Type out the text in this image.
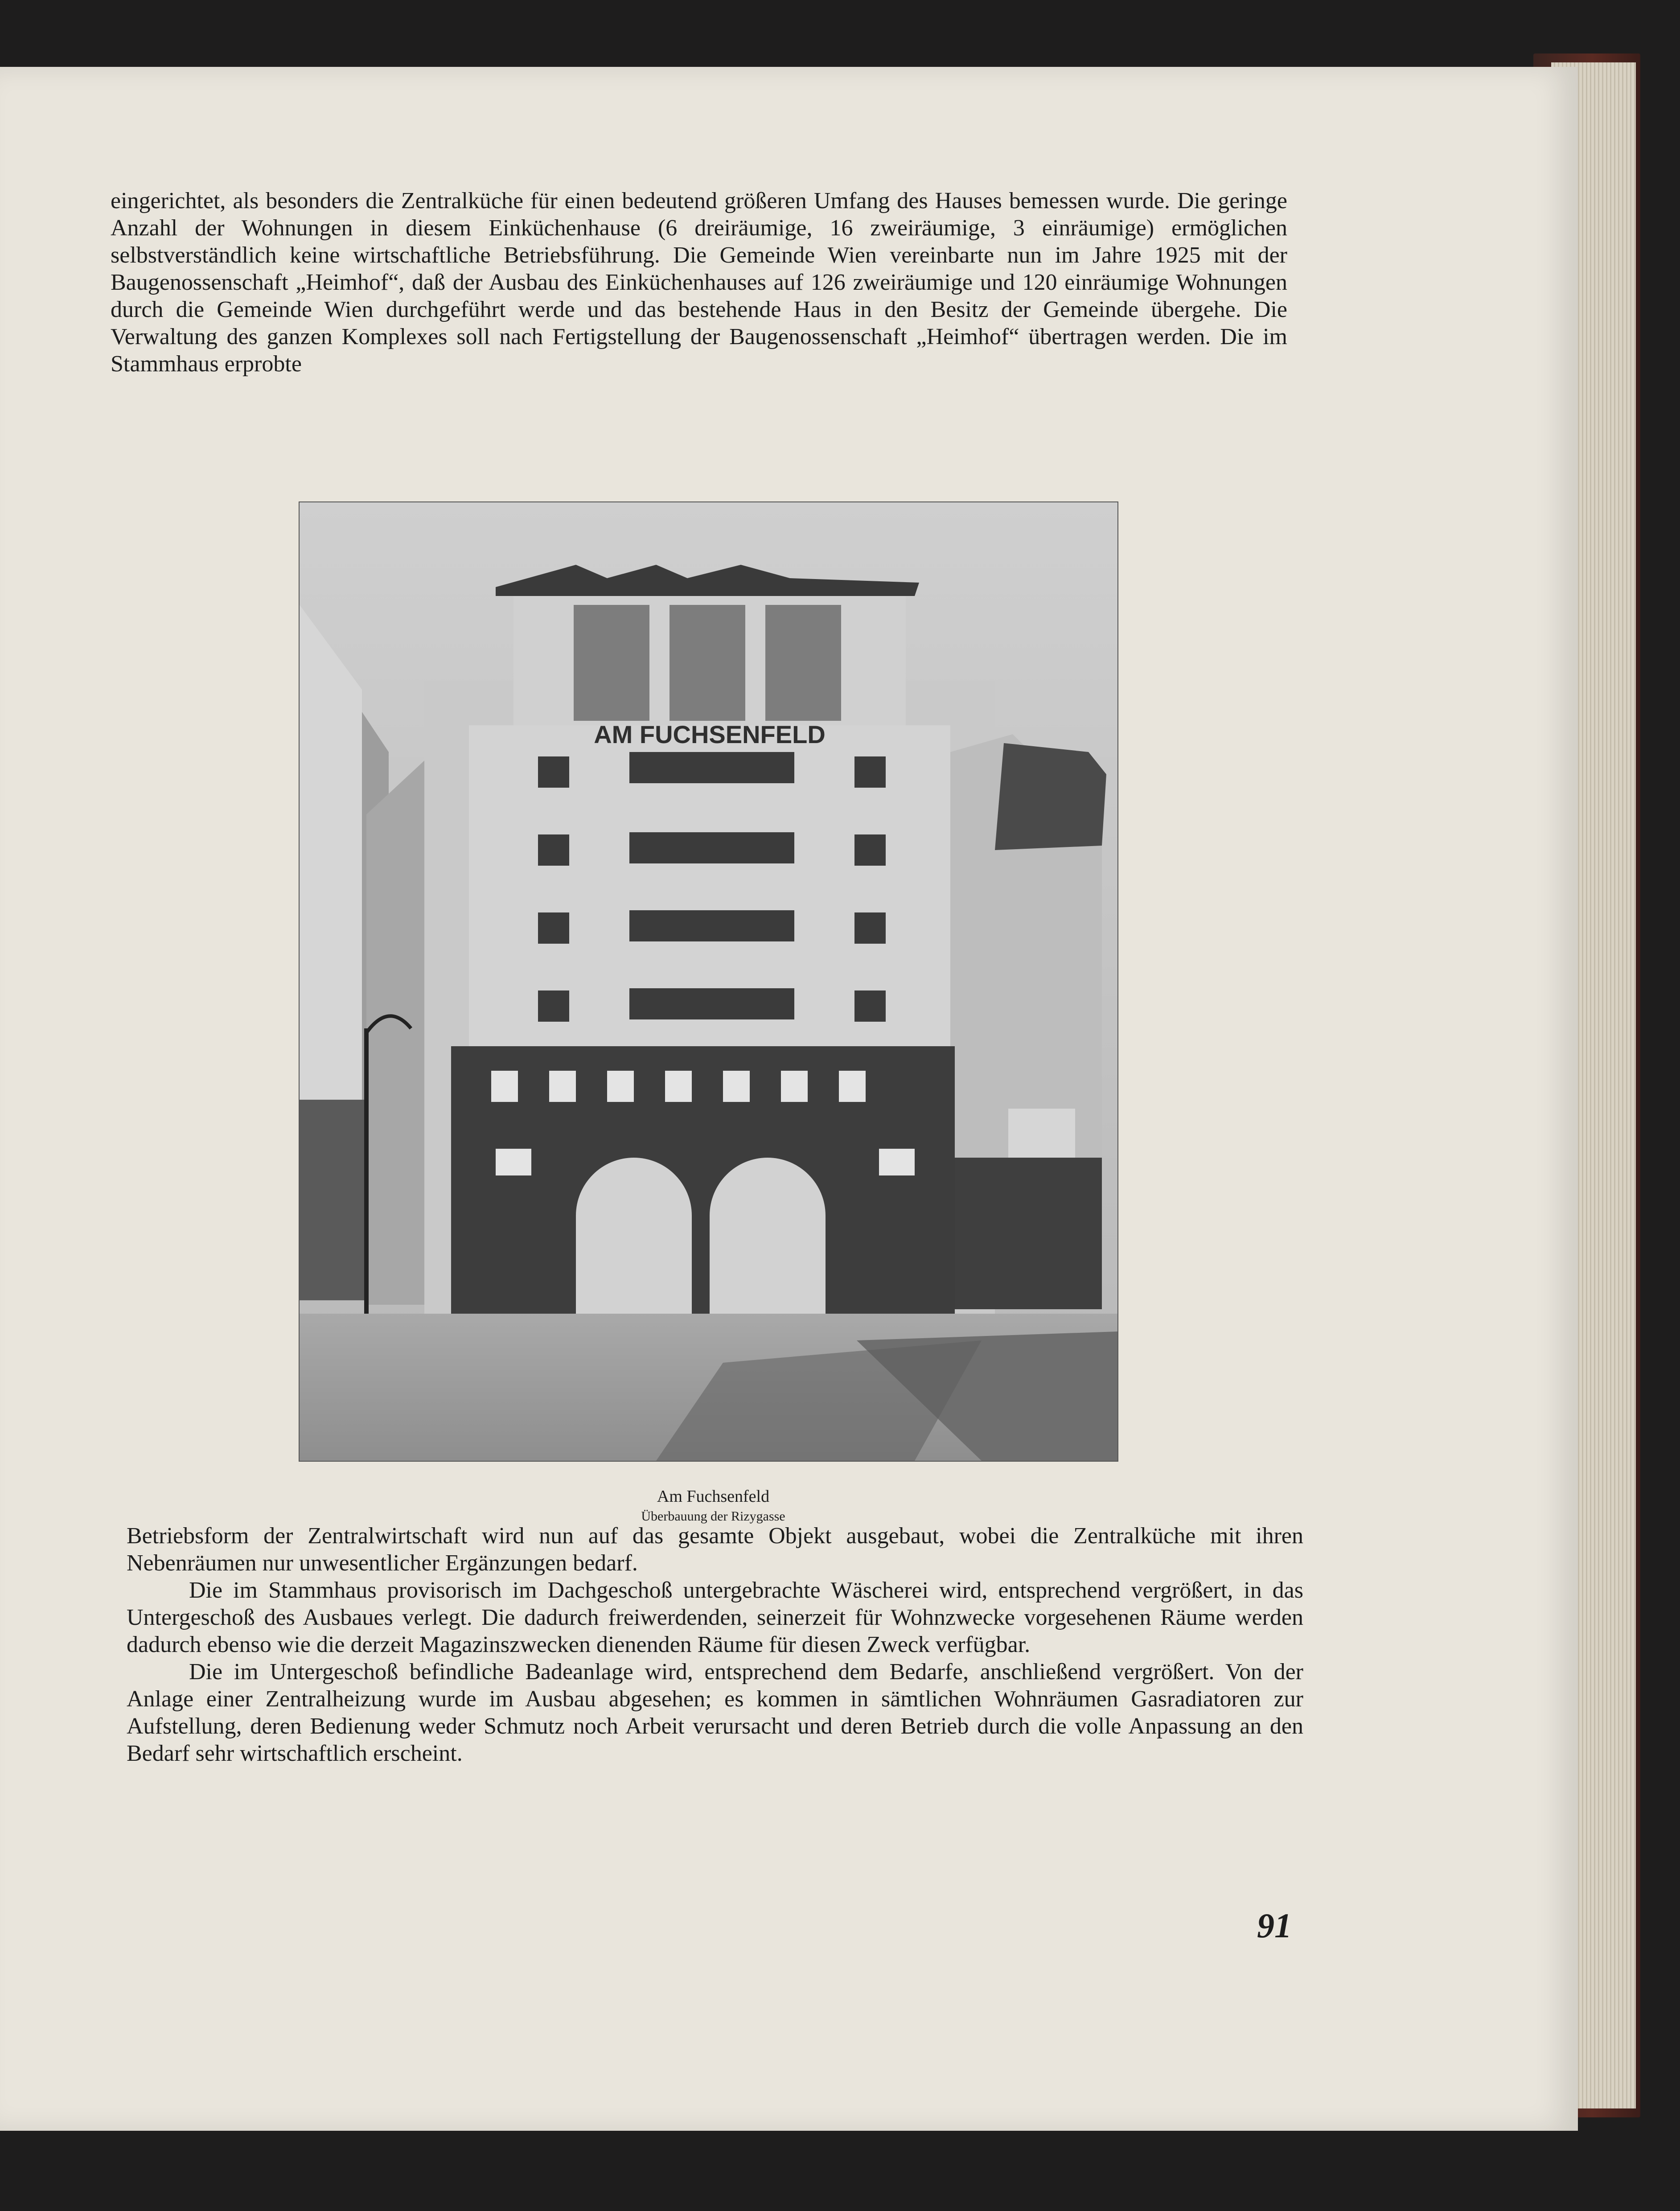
eingerichtet, als besonders die Zentralküche für einen bedeutend größeren Umfang des Hauses bemessen wurde. Die geringe Anzahl der Wohnungen in diesem Einküchenhause (6 dreiräumige, 16 zweiräumige, 3 einräumige) ermöglichen selbstverständlich keine wirtschaftliche Betriebsführung. Die Gemeinde Wien vereinbarte nun im Jahre 1925 mit der Baugenossenschaft „Heimhof“, daß der Ausbau des Einküchenhauses auf 126 zweiräumige und 120 einräumige Wohnungen durch die Gemeinde Wien durchgeführt werde und das bestehende Haus in den Besitz der Gemeinde übergehe. Die Verwaltung des ganzen Komplexes soll nach Fertigstellung der Baugenossenschaft „Heimhof“ übertragen werden. Die im Stammhaus erprobte

AM FUCHSENFELD
Am Fuchsenfeld
Überbauung der Rizygasse

Betriebsform der Zentralwirtschaft wird nun auf das gesamte Objekt ausgebaut, wobei die Zentralküche mit ihren Nebenräumen nur unwesentlicher Ergänzungen bedarf.

Die im Stammhaus provisorisch im Dachgeschoß untergebrachte Wäscherei wird, entsprechend vergrößert, in das Untergeschoß des Ausbaues verlegt. Die dadurch freiwerdenden, seinerzeit für Wohnzwecke vorgesehenen Räume werden dadurch ebenso wie die derzeit Magazinszwecken dienenden Räume für diesen Zweck verfügbar.

Die im Untergeschoß befindliche Badeanlage wird, entsprechend dem Bedarfe, anschließend vergrößert. Von der Anlage einer Zentralheizung wurde im Ausbau abgesehen; es kommen in sämtlichen Wohnräumen Gasradiatoren zur Aufstellung, deren Bedienung weder Schmutz noch Arbeit verursacht und deren Betrieb durch die volle Anpassung an den Bedarf sehr wirtschaftlich erscheint.

91
